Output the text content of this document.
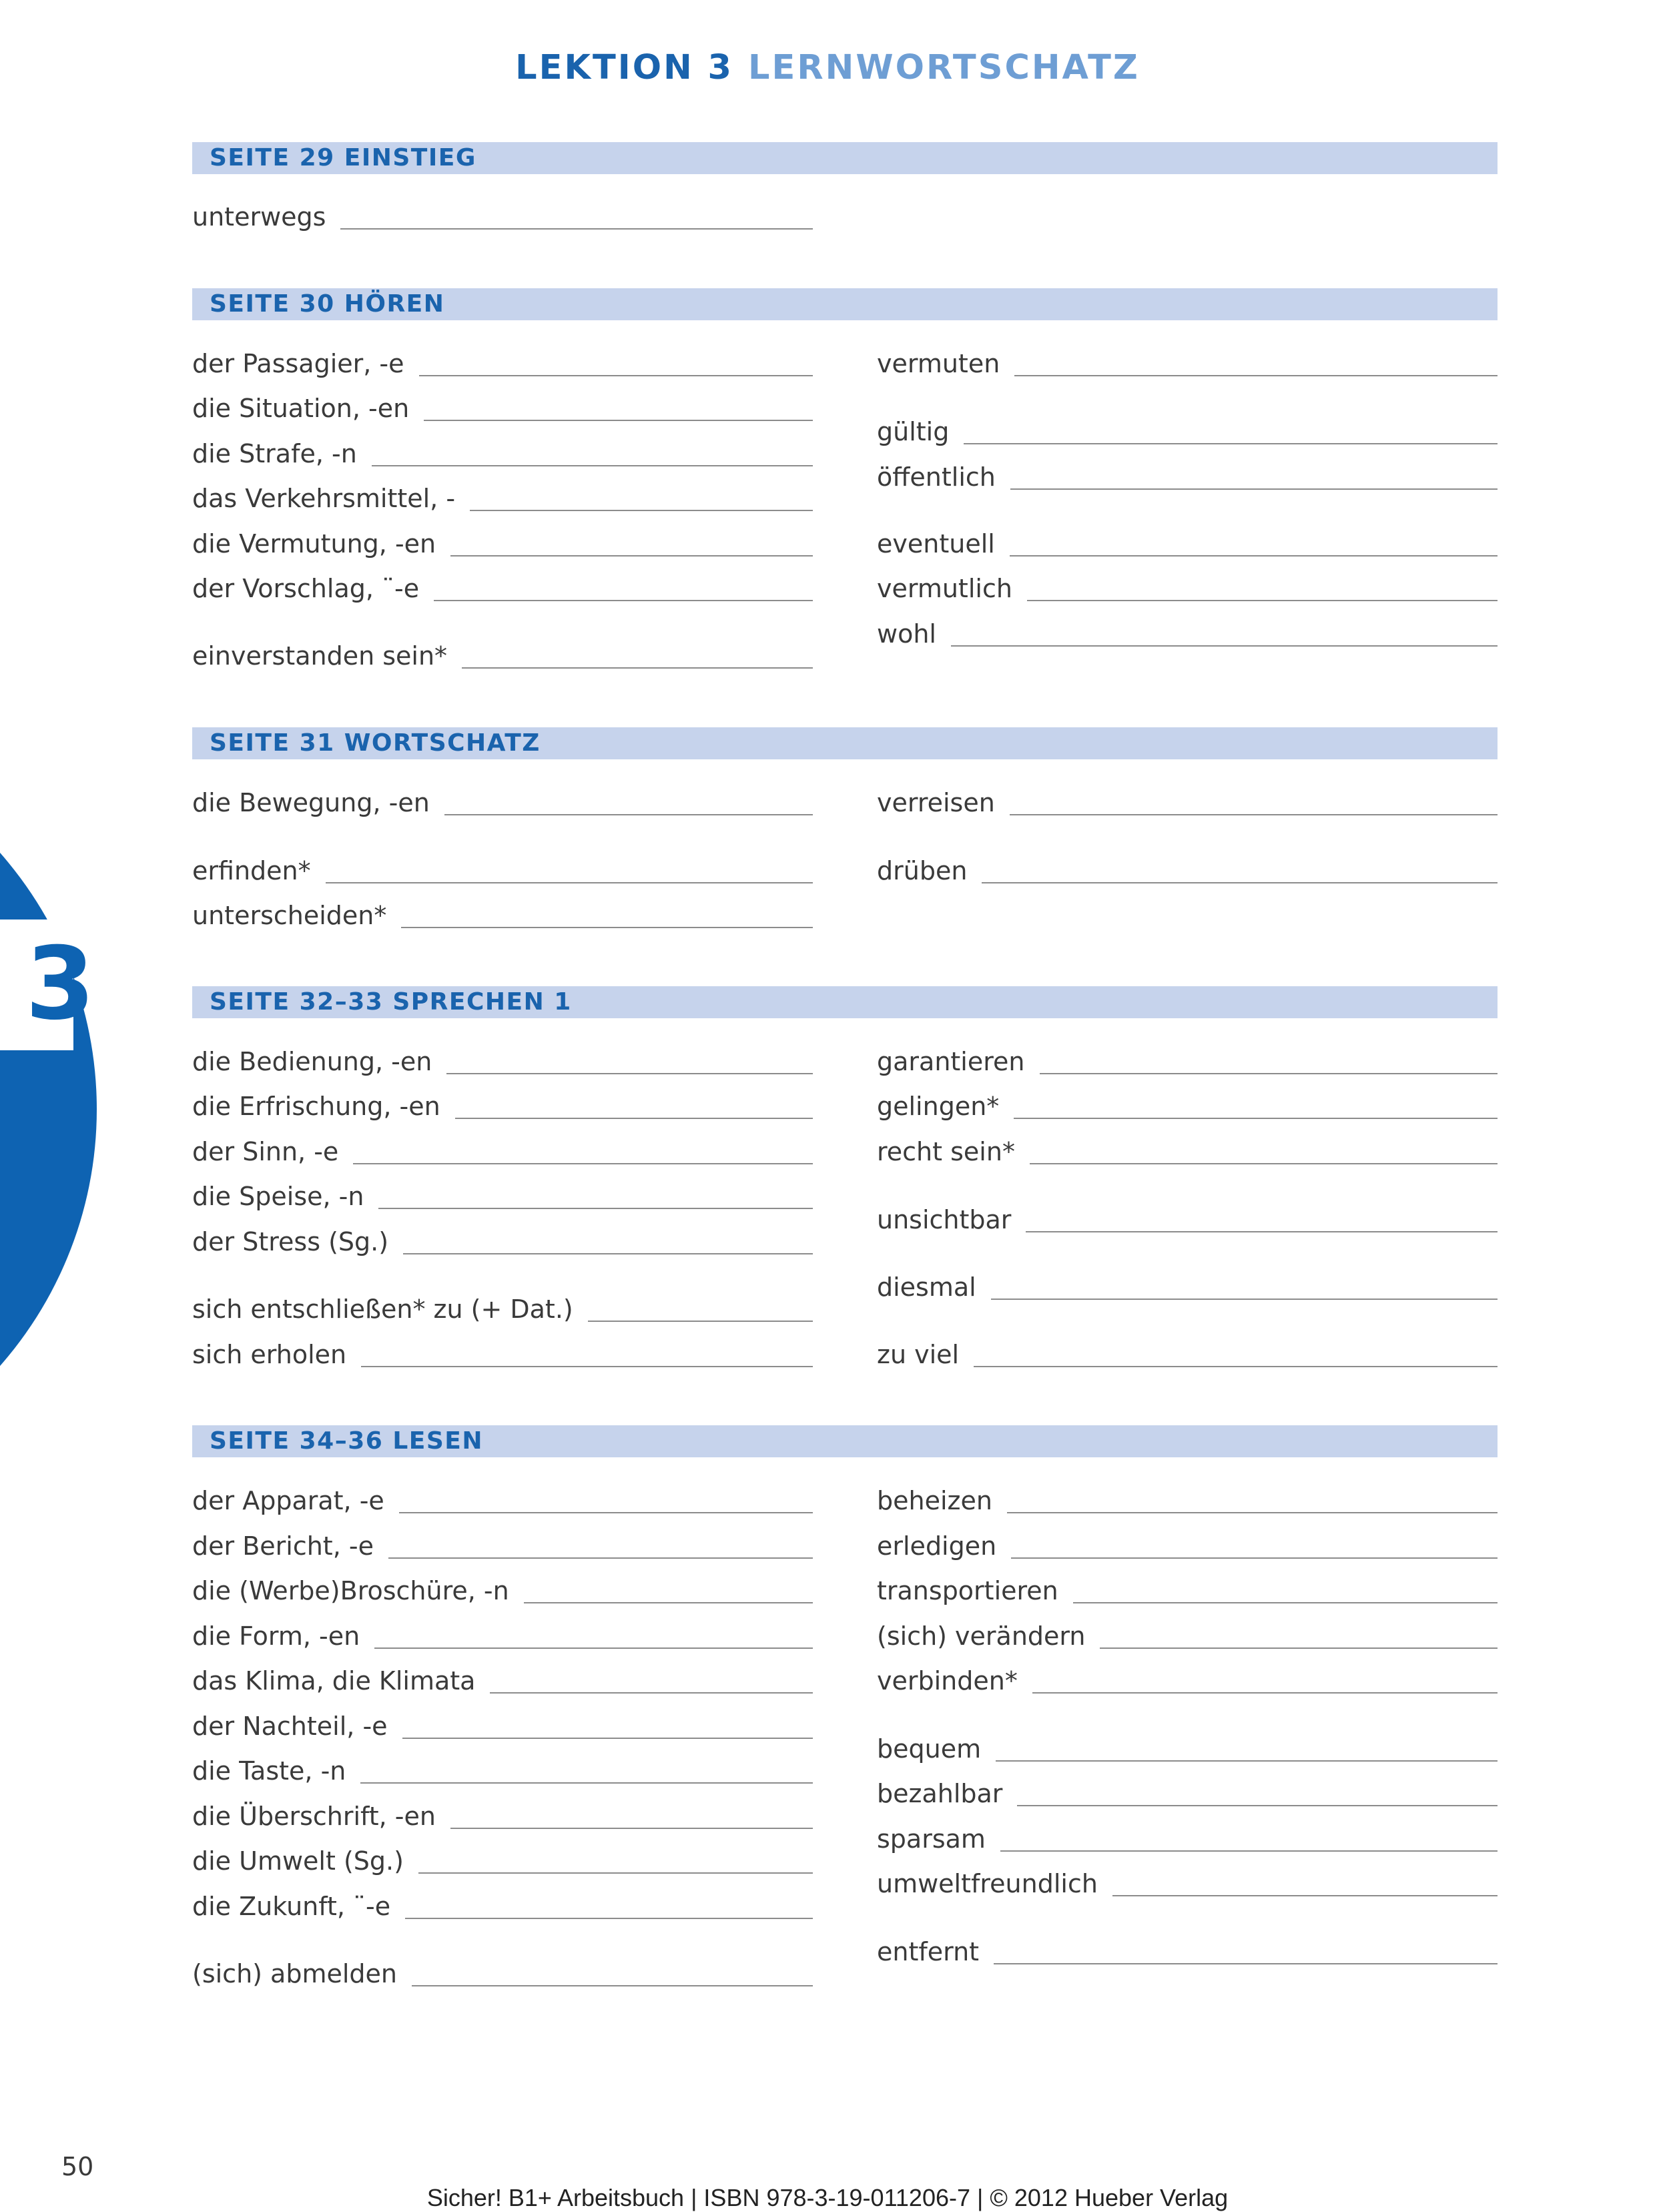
3
LEKTION 3 LERNWORTSCHATZ
SEITE 29 EINSTIEG
unterwegs
SEITE 30 HÖREN
der Passagier, -e
die Situation, -en
die Strafe, -n
das Verkehrsmittel, -
die Vermutung, -en
der Vorschlag, ¨-e
einverstanden sein*
vermuten
gültig
öffentlich
eventuell
vermutlich
wohl
SEITE 31 WORTSCHATZ
die Bewegung, -en
erfinden*
unterscheiden*
verreisen
drüben
SEITE 32–33 SPRECHEN 1
die Bedienung, -en
die Erfrischung, -en
der Sinn, -e
die Speise, -n
der Stress (Sg.)
sich entschließen* zu (+ Dat.)
sich erholen
garantieren
gelingen*
recht sein*
unsichtbar
diesmal
zu viel
SEITE 34–36 LESEN
der Apparat, -e
der Bericht, -e
die (Werbe)Broschüre, -n
die Form, -en
das Klima, die Klimata
der Nachteil, -e
die Taste, -n
die Überschrift, -en
die Umwelt (Sg.)
die Zukunft, ¨-e
(sich) abmelden
beheizen
erledigen
transportieren
(sich) verändern
verbinden*
bequem
bezahlbar
sparsam
umweltfreundlich
entfernt
50
Sicher! B1+ Arbeitsbuch | ISBN 978-3-19-011206-7 | © 2012 Hueber Verlag
